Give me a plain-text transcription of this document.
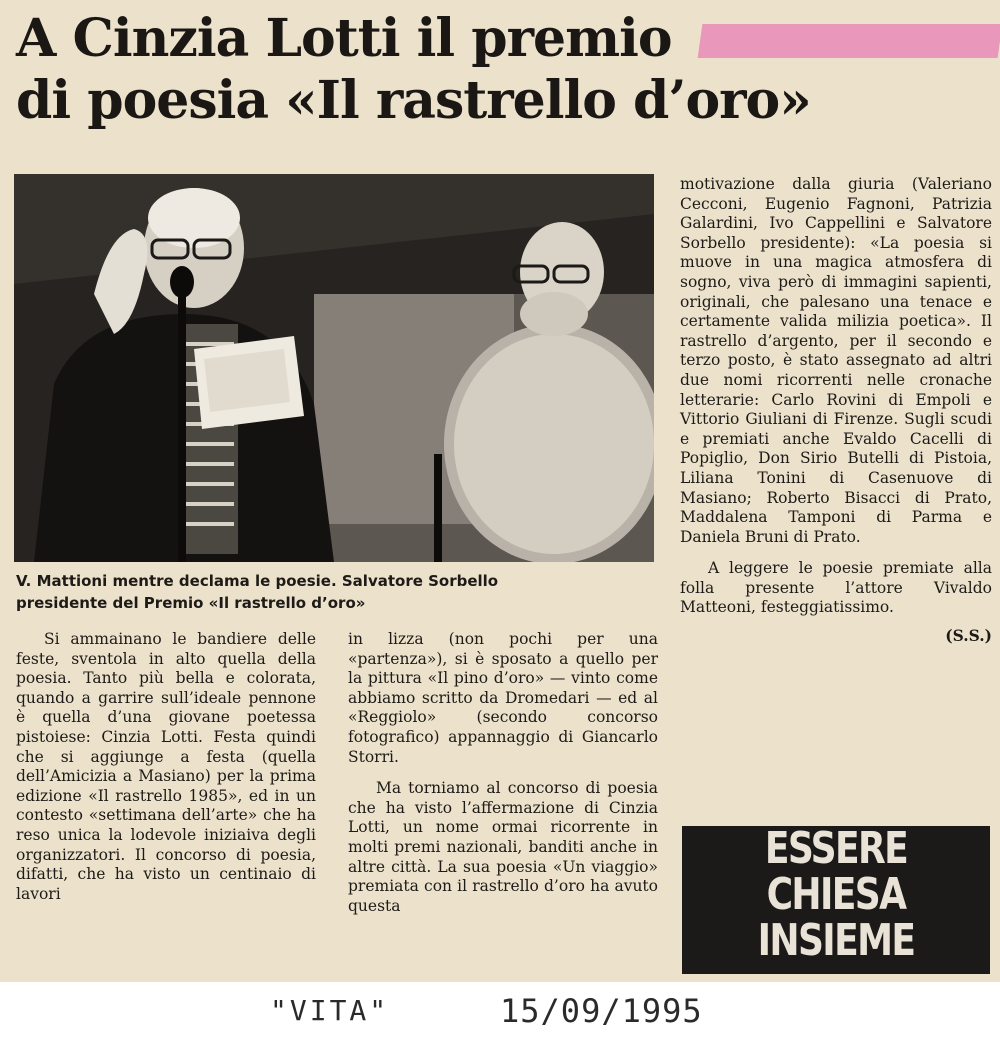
A Cinzia Lotti il premio
di poesia «Il rastrello d’oro»

V. Mattioni mentre declama le poesie. Salvatore Sorbello
presidente del Premio «Il rastrello d’oro»

Si ammainano le bandiere delle feste, sventola in alto quella della poesia. Tanto più bella e colorata, quando a garrire sull’ideale pennone è quella d’una giovane poetessa pistoiese: Cinzia Lotti. Festa quindi che si aggiunge a festa (quella dell’Amicizia a Masiano) per la prima edizione «Il rastrello 1985», ed in un contesto «settimana dell’arte» che ha reso unica la lodevole iniziaiva degli organizzatori. Il concorso di poesia, difatti, che ha visto un centinaio di lavori

in lizza (non pochi per una «partenza»), si è sposato a quello per la pittura «Il pino d’oro» — vinto come abbiamo scritto da Dromedari — ed al «Reggiolo» (secondo concorso fotografico) appannaggio di Giancarlo Storri.

Ma torniamo al concorso di poesia che ha visto l’affermazione di Cinzia Lotti, un nome ormai ricorrente in molti premi nazionali, banditi anche in altre città. La sua poesia «Un viaggio» premiata con il rastrello d’oro ha avuto questa

motivazione dalla giuria (Valeriano Cecconi, Eugenio Fagnoni, Patrizia Galardini, Ivo Cappellini e Salvatore Sorbello presidente): «La poesia si muove in una magica atmosfera di sogno, viva però di immagini sapienti, originali, che palesano una tenace e certamente valida milizia poetica». Il rastrello d’argento, per il secondo e terzo posto, è stato assegnato ad altri due nomi ricorrenti nelle cronache letterarie: Carlo Rovini di Empoli e Vittorio Giuliani di Firenze. Sugli scudi e premiati anche Evaldo Cacelli di Popiglio, Don Sirio Butelli di Pistoia, Liliana Tonini di Casenuove di Masiano; Roberto Bisacci di Prato, Maddalena Tamponi di Parma e Daniela Bruni di Prato.

A leggere le poesie premiate alla folla presente l’attore Vivaldo Matteoni, festeggiatissimo.

(S.S.)

ESSERE
CHIESA
INSIEME
"VITA"	15/09/1995
